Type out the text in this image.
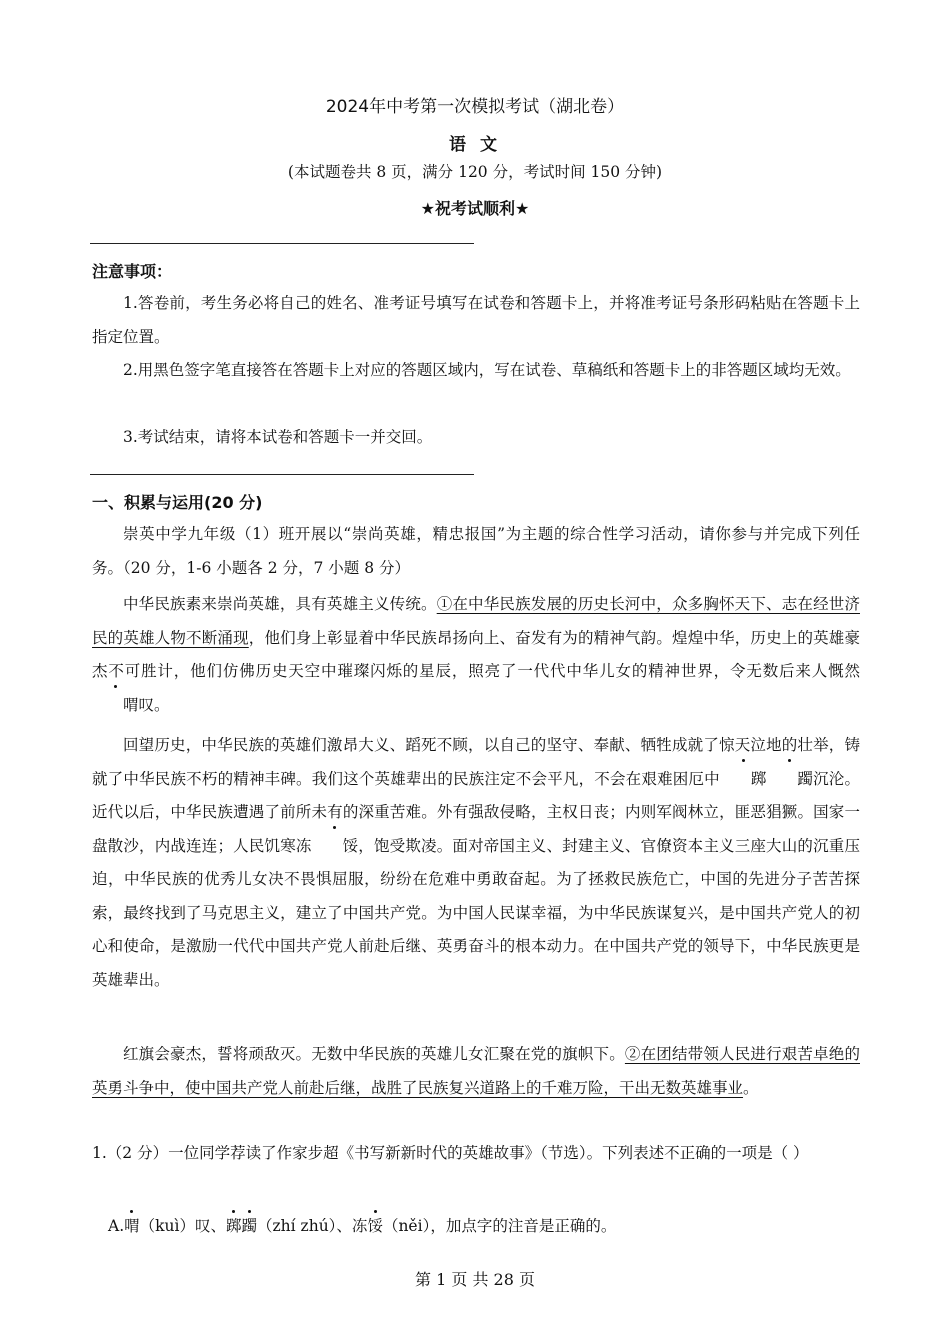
2024年中考第一次模拟考试（湖北卷）
语 文
(本试题卷共 8 页，满分 120 分，考试时间 150 分钟)
★祝考试顺利★
注意事项：
1.答卷前，考生务必将自己的姓名、准考证号填写在试卷和答题卡上，并将准考证号条形码粘贴在答题卡上指定位置。
2.用黑色签字笔直接答在答题卡上对应的答题区域内，写在试卷、草稿纸和答题卡上的非答题区域均无效。
3.考试结束，请将本试卷和答题卡一并交回。
一、积累与运用(20 分)
崇英中学九年级（1）班开展以“崇尚英雄，精忠报国”为主题的综合性学习活动，请你参与并完成下列任务。（20 分，1-6 小题各 2 分，7 小题 8 分）
中华民族素来崇尚英雄，具有英雄主义传统。①在中华民族发展的历史长河中，众多胸怀天下、志在经世济民的英雄人物不断涌现，他们身上彰显着中华民族昂扬向上、奋发有为的精神气韵。煌煌中华，历史上的英雄豪杰不可胜计，他们仿佛历史天空中璀璨闪烁的星辰，照亮了一代代中华儿女的精神世界，令无数后来人慨然喟叹。
回望历史，中华民族的英雄们激昂大义、蹈死不顾，以自己的坚守、奉献、牺牲成就了惊天泣地的壮举，铸就了中华民族不朽的精神丰碑。我们这个英雄辈出的民族注定不会平凡，不会在艰难困厄中 踯 躅沉沦。近代以后，中华民族遭遇了前所未有的深重苦难。外有强敌侵略，主权日丧；内则军阀林立，匪恶猖獗。国家一盘散沙，内战连连；人民饥寒冻 馁，饱受欺凌。面对帝国主义、封建主义、官僚资本主义三座大山的沉重压迫，中华民族的优秀儿女决不畏惧屈服，纷纷在危难中勇敢奋起。为了拯救民族危亡，中国的先进分子苦苦探索，最终找到了马克思主义，建立了中国共产党。为中国人民谋幸福，为中华民族谋复兴，是中国共产党人的初心和使命，是激励一代代中国共产党人前赴后继、英勇奋斗的根本动力。在中国共产党的领导下，中华民族更是英雄辈出。
红旗会豪杰，誓将顽敌灭。无数中华民族的英雄儿女汇聚在党的旗帜下。②在团结带领人民进行艰苦卓绝的英勇斗争中，使中国共产党人前赴后继，战胜了民族复兴道路上的千难万险，干出无数英雄事业。
1.（2 分）一位同学荐读了作家步超《书写新新时代的英雄故事》（节选）。下列表述不正确的一项是（ ）
A.喟（kuì）叹、踯躅（zhí zhú）、冻馁（něi），加点字的注音是正确的。
第 1 页 共 28 页
